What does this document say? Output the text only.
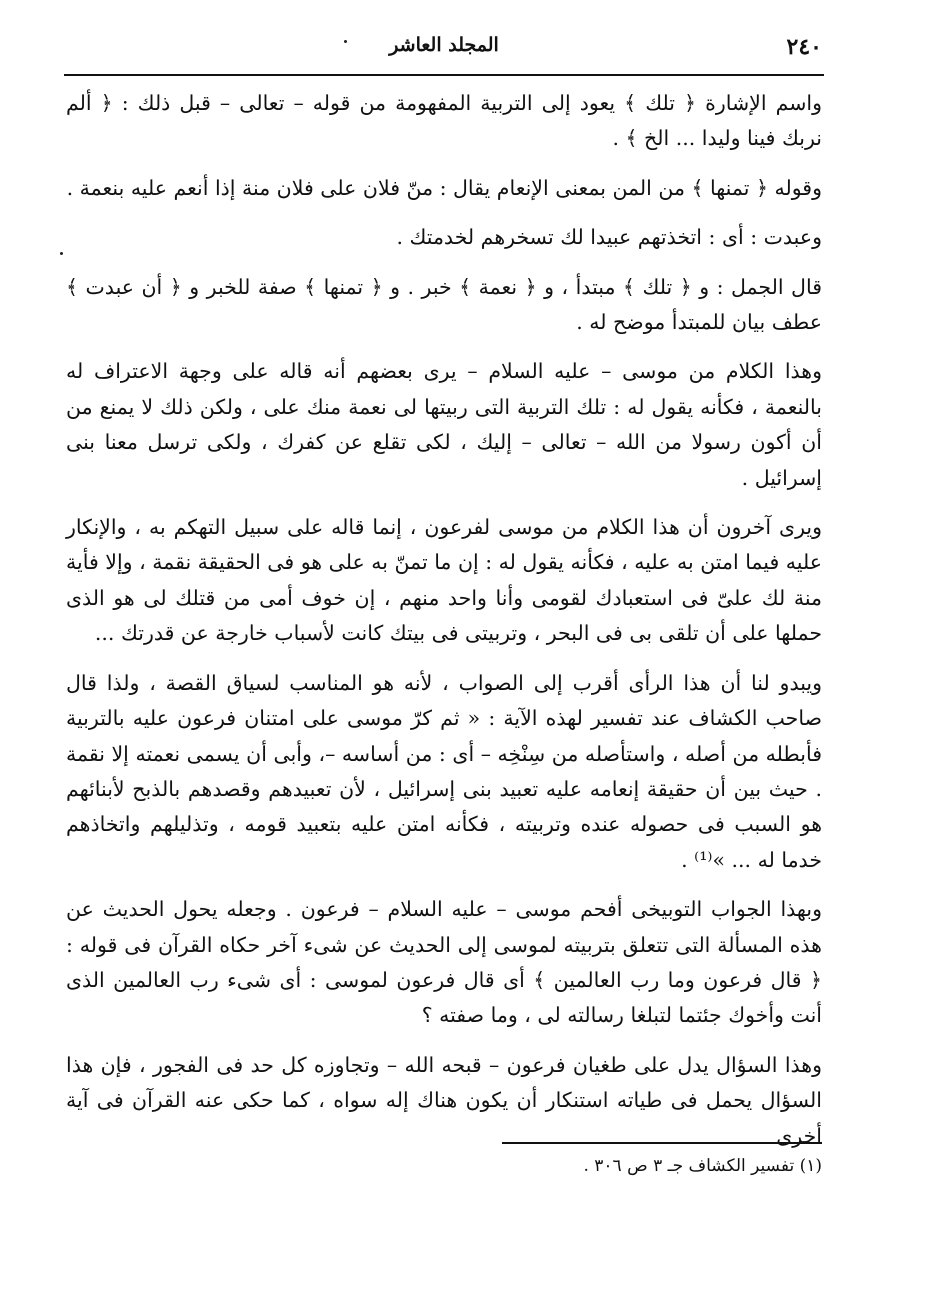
٢٤٠
المجلد العاشر

واسم الإشارة ﴿ تلك ﴾ يعود إلى التربية المفهومة من قوله – تعالى – قبل ذلك : ﴿ ألم نربك فينا وليدا ... الخ ﴾ .

وقوله ﴿ تمنها ﴾ من المن بمعنى الإنعام يقال : منّ فلان على فلان منة إذا أنعم عليه بنعمة .

وعبدت : أى : اتخذتهم عبيدا لك تسخرهم لخدمتك .

قال الجمل : و ﴿ تلك ﴾ مبتدأ ، و ﴿ نعمة ﴾ خبر . و ﴿ تمنها ﴾ صفة للخبر و ﴿ أن عبدت ﴾ عطف بيان للمبتدأ موضح له .

وهذا الكلام من موسى – عليه السلام – يرى بعضهم أنه قاله على وجهة الاعتراف له بالنعمة ، فكأنه يقول له : تلك التربية التى ربيتها لى نعمة منك على ، ولكن ذلك لا يمنع من أن أكون رسولا من الله – تعالى – إليك ، لكى تقلع عن كفرك ، ولكى ترسل معنا بنى إسرائيل .

ويرى آخرون أن هذا الكلام من موسى لفرعون ، إنما قاله على سبيل التهكم به ، والإنكار عليه فيما امتن به عليه ، فكأنه يقول له : إن ما تمنّ به على هو فى الحقيقة نقمة ، وإلا فأية منة لك علىّ فى استعبادك لقومى وأنا واحد منهم ، إن خوف أمى من قتلك لى هو الذى حملها على أن تلقى بى فى البحر ، وتربيتى فى بيتك كانت لأسباب خارجة عن قدرتك ...

ويبدو لنا أن هذا الرأى أقرب إلى الصواب ، لأنه هو المناسب لسياق القصة ، ولذا قال صاحب الكشاف عند تفسير لهذه الآية : « ثم كرّ موسى على امتنان فرعون عليه بالتربية فأبطله من أصله ، واستأصله من سِنْخِه – أى : من أساسه –، وأبى أن يسمى نعمته إلا نقمة . حيث بين أن حقيقة إنعامه عليه تعبيد بنى إسرائيل ، لأن تعبيدهم وقصدهم بالذبح لأبنائهم هو السبب فى حصوله عنده وتربيته ، فكأنه امتن عليه بتعبيد قومه ، وتذليلهم واتخاذهم خدما له ... »⁽¹⁾ .

وبهذا الجواب التوبيخى أفحم موسى – عليه السلام – فرعون . وجعله يحول الحديث عن هذه المسألة التى تتعلق بتربيته لموسى إلى الحديث عن شىء آخر حكاه القرآن فى قوله : ﴿ قال فرعون وما رب العالمين ﴾ أى قال فرعون لموسى : أى شىء رب العالمين الذى أنت وأخوك جئتما لتبلغا رسالته لى ، وما صفته ؟

وهذا السؤال يدل على طغيان فرعون – قبحه الله – وتجاوزه كل حد فى الفجور ، فإن هذا السؤال يحمل فى طياته استنكار أن يكون هناك إله سواه ، كما حكى عنه القرآن فى آية أخرى

(١) تفسير الكشاف جـ ٣ ص ٣٠٦ .
